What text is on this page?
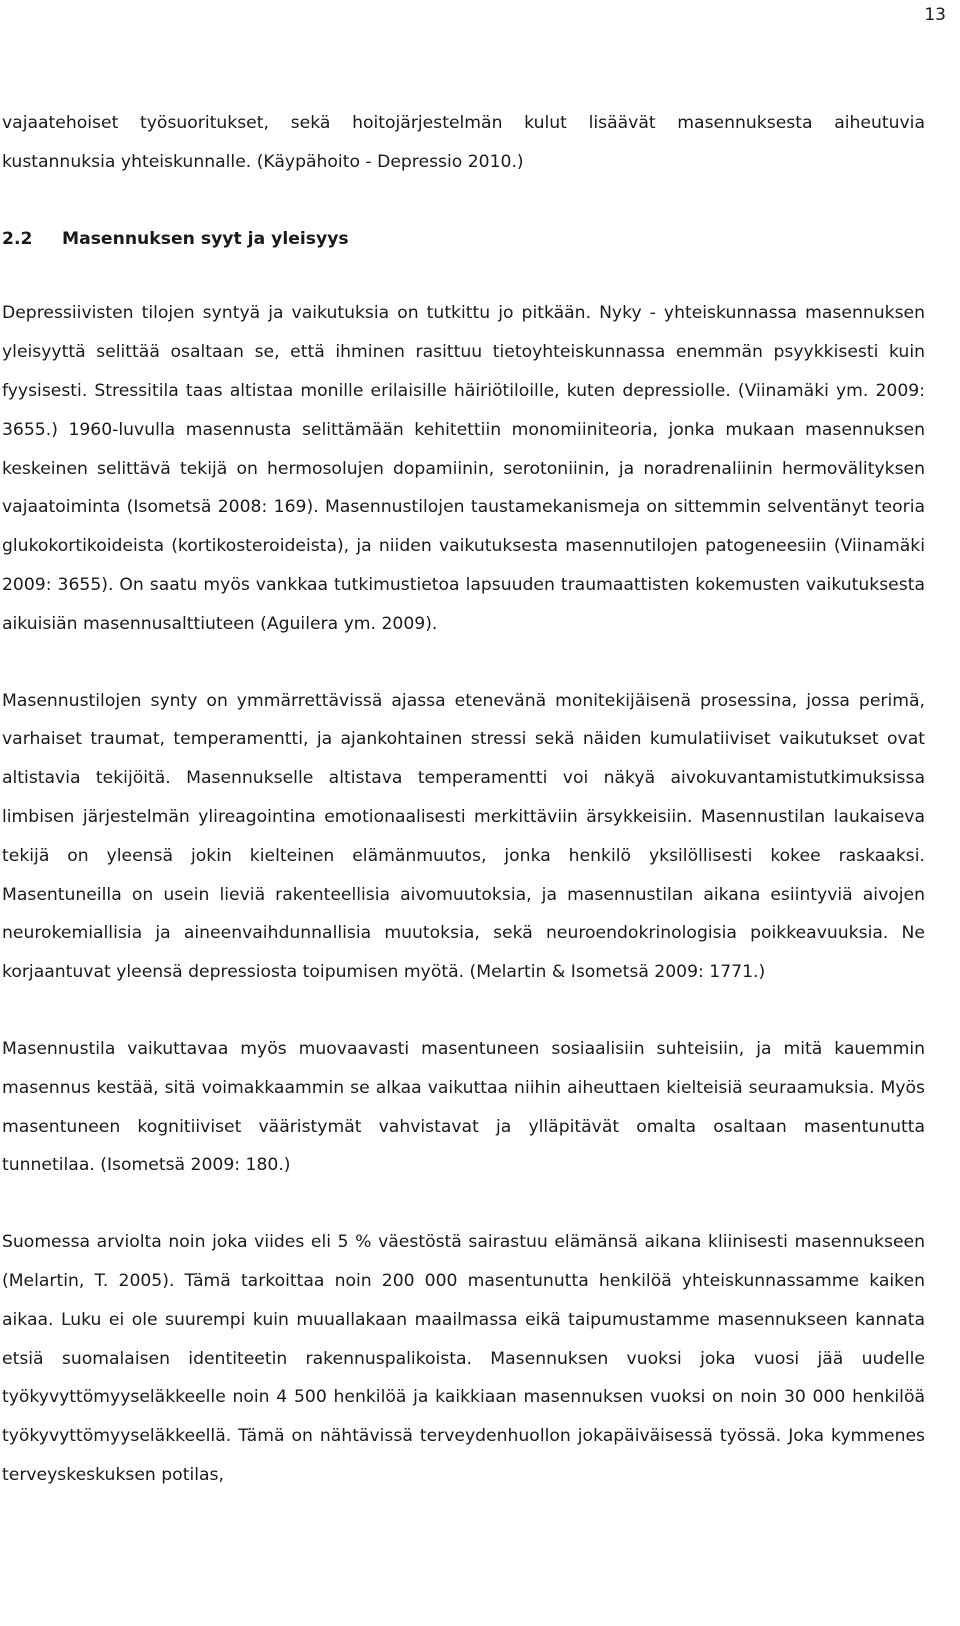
13

vajaatehoiset työsuoritukset, sekä hoitojärjestelmän kulut lisäävät masennuksesta aiheutuvia kustannuksia yhteiskunnalle. (Käypähoito - Depressio 2010.)

2.2 Masennuksen syyt ja yleisyys

Depressiivisten tilojen syntyä ja vaikutuksia on tutkittu jo pitkään. Nyky - yhteiskunnassa masennuksen yleisyyttä selittää osaltaan se, että ihminen rasittuu tietoyhteiskunnassa enemmän psyykkisesti kuin fyysisesti. Stressitila taas altistaa monille erilaisille häiriötiloille, kuten depressiolle. (Viinamäki ym. 2009: 3655.) 1960-luvulla masennusta selittämään kehitettiin monomiiniteoria, jonka mukaan masennuksen keskeinen selittävä tekijä on hermosolujen dopamiinin, serotoniinin, ja noradrenaliinin hermovälityksen vajaatoiminta (Isometsä 2008: 169). Masennustilojen taustamekanismeja on sittemmin selventänyt teoria glukokortikoideista (kortikosteroideista), ja niiden vaikutuksesta masennutilojen patogeneesiin (Viinamäki 2009: 3655). On saatu myös vankkaa tutkimustietoa lapsuuden traumaattisten kokemusten vaikutuksesta aikuisiän masennusalttiuteen (Aguilera ym. 2009).

Masennustilojen synty on ymmärrettävissä ajassa etenevänä monitekijäisenä prosessina, jossa perimä, varhaiset traumat, temperamentti, ja ajankohtainen stressi sekä näiden kumulatiiviset vaikutukset ovat altistavia tekijöitä. Masennukselle altistava temperamentti voi näkyä aivokuvantamistutkimuksissa limbisen järjestelmän ylireagointina emotionaalisesti merkittäviin ärsykkeisiin. Masennustilan laukaiseva tekijä on yleensä jokin kielteinen elämänmuutos, jonka henkilö yksilöllisesti kokee raskaaksi. Masentuneilla on usein lieviä rakenteellisia aivomuutoksia, ja masennustilan aikana esiintyviä aivojen neurokemiallisia ja aineenvaihdunnallisia muutoksia, sekä neuroendokrinologisia poikkeavuuksia. Ne korjaantuvat yleensä depressiosta toipumisen myötä. (Melartin & Isometsä 2009: 1771.)

Masennustila vaikuttavaa myös muovaavasti masentuneen sosiaalisiin suhteisiin, ja mitä kauemmin masennus kestää, sitä voimakkaammin se alkaa vaikuttaa niihin aiheuttaen kielteisiä seuraamuksia. Myös masentuneen kognitiiviset vääristymät vahvistavat ja ylläpitävät omalta osaltaan masentunutta tunnetilaa. (Isometsä 2009: 180.)

Suomessa arviolta noin joka viides eli 5 % väestöstä sairastuu elämänsä aikana kliinisesti masennukseen (Melartin, T. 2005). Tämä tarkoittaa noin 200 000 masentunutta henkilöä yhteiskunnassamme kaiken aikaa. Luku ei ole suurempi kuin muuallakaan maailmassa eikä taipumustamme masennukseen kannata etsiä suomalaisen identiteetin rakennuspalikoista. Masennuksen vuoksi joka vuosi jää uudelle työkyvyttömyyseläkkeelle noin 4 500 henkilöä ja kaikkiaan masennuksen vuoksi on noin 30 000 henkilöä työkyvyttömyyseläkkeellä. Tämä on nähtävissä terveydenhuollon jokapäiväisessä työssä. Joka kymmenes terveyskeskuksen potilas,
